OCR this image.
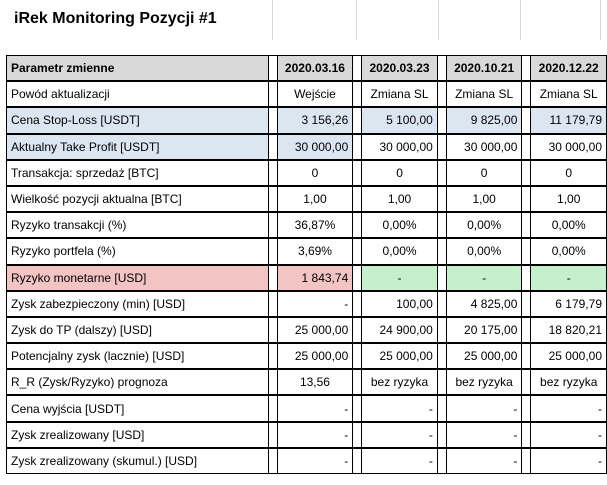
iRek Monitoring Pozycji #1
Parametr zmienne		2020.03.16		2020.03.23		2020.10.21		2020.12.22
Powód aktualizacji		Wejście		Zmiana SL		Zmiana SL		Zmiana SL
Cena Stop-Loss [USDT]		3 156,26		5 100,00		9 825,00		11 179,79
Aktualny Take Profit [USDT]		30 000,00		30 000,00		30 000,00		30 000,00
Transakcja: sprzedaż [BTC]		0		0		0		0
Wielkość pozycji aktualna [BTC]		1,00		1,00		1,00		1,00
Ryzyko transakcji (%)		36,87%		0,00%		0,00%		0,00%
Ryzyko portfela (%)		3,69%		0,00%		0,00%		0,00%
Ryzyko monetarne [USD]		1 843,74		-		-		-
Zysk zabezpieczony (min) [USD]		-		100,00		4 825,00		6 179,79
Zysk do TP (dalszy) [USD]		25 000,00		24 900,00		20 175,00		18 820,21
Potencjalny zysk (lacznie) [USD]		25 000,00		25 000,00		25 000,00		25 000,00
R_R (Zysk/Ryzyko) prognoza		13,56		bez ryzyka		bez ryzyka		bez ryzyka
Cena wyjścia [USDT]		-		-		-		-
Zysk zrealizowany [USD]		-		-		-		-
Zysk zrealizowany (skumul.) [USD]		-		-		-		-
